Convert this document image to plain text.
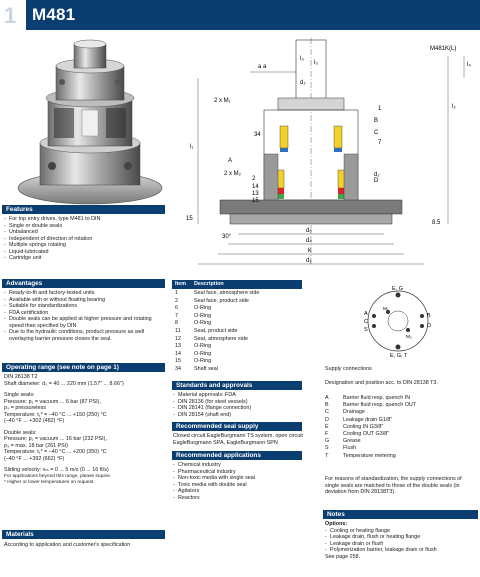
1 M481
M481K(L)
l₃
l₃
d₂
a a
l₁
l₂
l₄
2 x M₁
2 x M₂
A
B
C
D
d₂
1
7
34
2
14
13
15
15
8.5
30°
d₆
d₄
k
d₁
Features
- For top entry drives, type M481 to DIN
- Single or double seals
- Unbalanced
- Independent of direction of rotation
- Multiple springs rotating
- Liquid-lubricated
- Cartridge unit
Advantages
- Ready-to-fit and factory-tested units
- Available with or without floating bearing
- Suitable for standardizations
- FDA certification
- Double seals can be applied at higher pressure and rotating speed than specified by DIN
- Due to the hydraulic conditions, product pressure as well overlaying barrier pressure closes the seal.
Operating range (see note on page 1)

DIN 28138 T2

Shaft diameter: d₃ = 40 ... 220 mm (1.57" ... 8.66")

Single seals:

Pressure: p₁ = vacuum ... 6 bar (87 PSI),

p₃ = pressureless

Temperature: t₁* = –40 °C ... +150 (250) °C

(–40 °F ... +302 (482) °F)

Double seals:

Pressure: p₁ = vacuum ... 16 bar (232 PSI),

p₃ = max. 18 bar (261 PSI)

Temperature: t₁* = –40 °C ... +200 (350) °C

(–40 °F ... +392 (662) °F)

Sliding velocity: vₘ = 0 ... 5 m/s (0 ... 16 ft/s)

For applications beyond this range, please inquire.

* Higher or lower temperatures on request.

Materials
According to application and customer's specification
Item Description
1	Seal face, atmosphere side
2	Seal face, product side
6	O-Ring
7	O-Ring
8	O-Ring
11 Seat, product side
12 Seat, atmosphere side
13 O-Ring
14 O-Ring
15 O-Ring
34 Shaft seal
Standards and approvals
- Material approvals: FDA
- DIN 28136 (for steel vessels)
- DIN 28141 (flange connection)
- DIN 28154 (shaft end)
Recommended seal supply

Closed circuit EagleBurgmann TS system, open circuit

EagleBurgmann SPA, EagleBurgmann SPN

Recommended applications
- Chemical industry
- Pharmaceutical industry
- Non-toxic media with single seal
- Toxic media with double seal
- Agitators
- Reactors
E, G
E, G, T
A
C
S
B
D
M₁
M₂
Supply connections
Designation and position acc. to DIN 28138 T3.
A	Barrier fluid resp. quench IN
B	Barrier fluid resp. quench OUT
C	Drainage
D	Leakage drain G1/8"
E	Cooling IN G3/8"
F	Cooling OUT G3/8"
G	Grease
S	Flush
T	Temperature metering
For reasons of standardization, the supply connections of single seals are matched to those of the double seals (in deviation from DIN 28138T3).
Notes

Options:

- Cooling or heating flange
- Leakage drain, flush or heating flange
- Leakage drain or flush
- Polymerization barrier, leakage drain or flush

See page 258.
